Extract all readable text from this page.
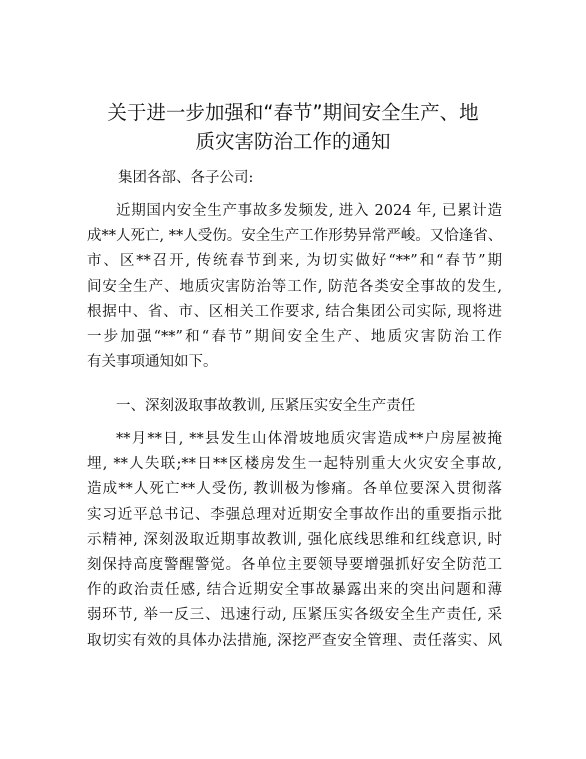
关于进一步加强和“春节”期间安全生产、地
质灾害防治工作的通知

集团各部、各子公司:

近期国内安全生产事故多发频发, 进入 2024 年, 已累计造
成**人死亡, **人受伤。安全生产工作形势异常严峻。又恰逢省、
市、区**召开, 传统春节到来, 为切实做好“**”和“春节”期
间安全生产、地质灾害防治等工作, 防范各类安全事故的发生,
根据中、省、市、区相关工作要求, 结合集团公司实际, 现将进
一步加强“**”和“春节”期间安全生产、地质灾害防治工作
有关事项通知如下。
一、深刻汲取事故教训, 压紧压实安全生产责任
**月**日, **县发生山体滑坡地质灾害造成**户房屋被掩
埋, **人失联;**日**区楼房发生一起特别重大火灾安全事故,
造成**人死亡**人受伤, 教训极为惨痛。各单位要深入贯彻落
实习近平总书记、李强总理对近期安全事故作出的重要指示批
示精神, 深刻汲取近期事故教训, 强化底线思维和红线意识, 时
刻保持高度警醒警觉。各单位主要领导要增强抓好安全防范工
作的政治责任感, 结合近期安全事故暴露出来的突出问题和薄
弱环节, 举一反三、迅速行动, 压紧压实各级安全生产责任, 采
取切实有效的具体办法措施, 深挖严查安全管理、责任落实、风
